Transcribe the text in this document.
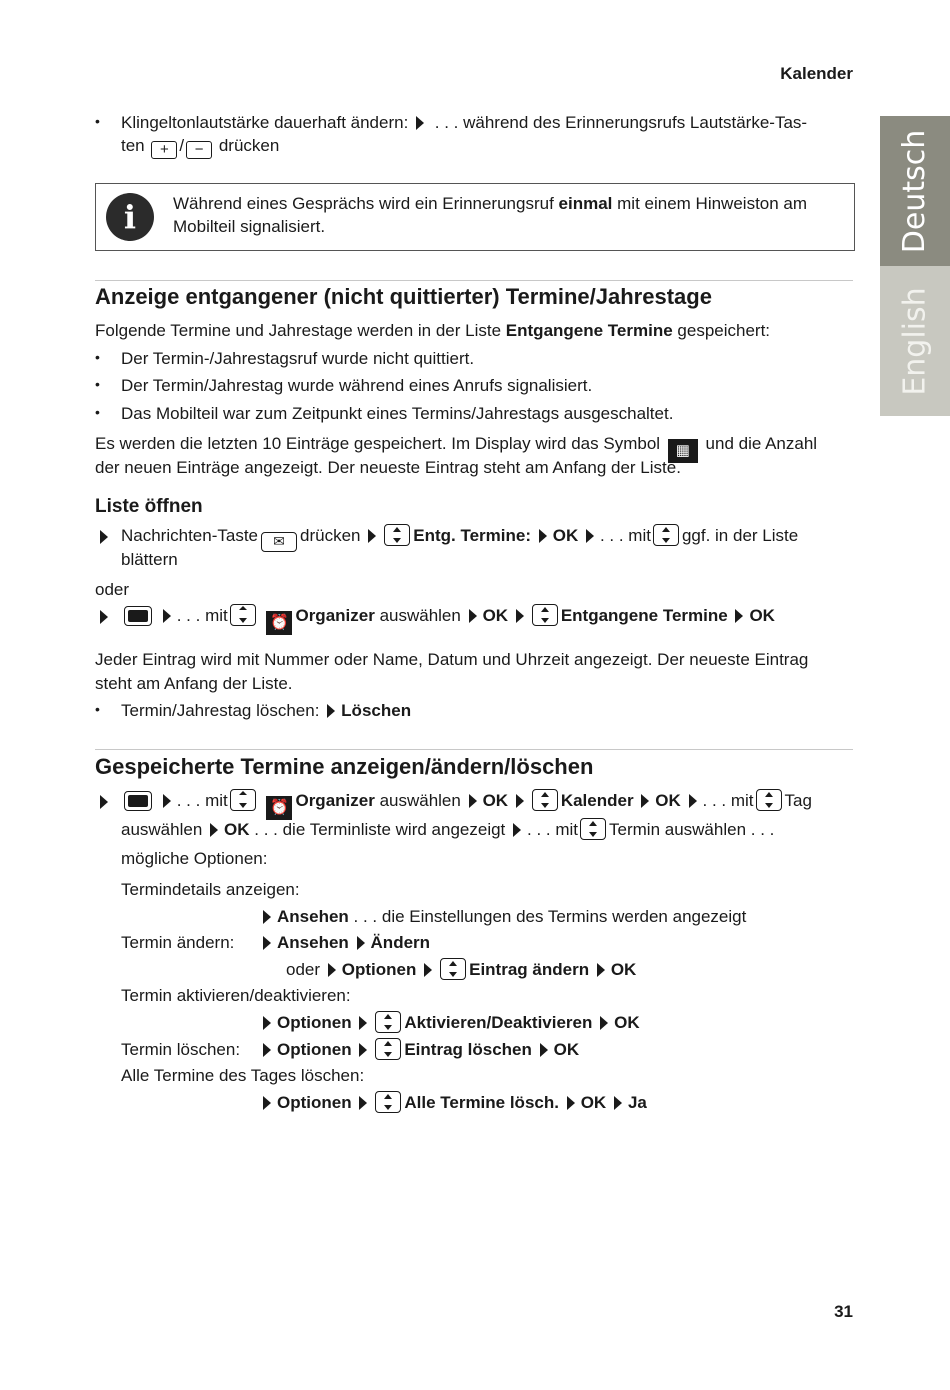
Kalender
Deutsch
English
• Klingeltonlautstärke dauerhaft ändern: . . . während des Erinnerungsrufs Lautstärke-Tas-
ten + / − drücken
i	Während eines Gesprächs wird ein Erinnerungsruf einmal mit einem Hinweiston am
Mobilteil signalisiert.
Anzeige entgangener (nicht quittierter) Termine/Jahrestage
Folgende Termine und Jahrestage werden in der Liste Entgangene Termine gespeichert:
• Der Termin-/Jahrestagsruf wurde nicht quittiert.
• Der Termin/Jahrestag wurde während eines Anrufs signalisiert.
• Das Mobilteil war zum Zeitpunkt eines Termins/Jahrestags ausgeschaltet.
Es werden die letzten 10 Einträge gespeichert. Im Display wird das Symbol ▦ und die Anzahl
der neuen Einträge angezeigt. Der neueste Eintrag steht am Anfang der Liste.
Liste öffnen
Nachrichten-Taste ✉ drücken	Entg. Termine: OK . . . mit ggf. in der Liste
blättern
oder
. . . mit	⏰ Organizer auswählen OK	Entgangene Termine OK
Jeder Eintrag wird mit Nummer oder Name, Datum und Uhrzeit angezeigt. Der neueste Eintrag
steht am Anfang der Liste.
• Termin/Jahrestag löschen: Löschen
Gespeicherte Termine anzeigen/ändern/löschen
. . . mit	⏰ Organizer auswählen OK	Kalender OK . . . mit Tag
auswählen OK . . . die Terminliste wird angezeigt . . . mit Termin auswählen . . .
mögliche Optionen:
Termindetails anzeigen:
Ansehen . . . die Einstellungen des Termins werden angezeigt
Termin ändern:	Ansehen Ändern
oder Optionen	Eintrag ändern OK
Termin aktivieren/deaktivieren:
Optionen	Aktivieren/Deaktivieren OK
Termin löschen:	Optionen	Eintrag löschen OK
Alle Termine des Tages löschen:
Optionen	Alle Termine lösch. OK Ja
31
